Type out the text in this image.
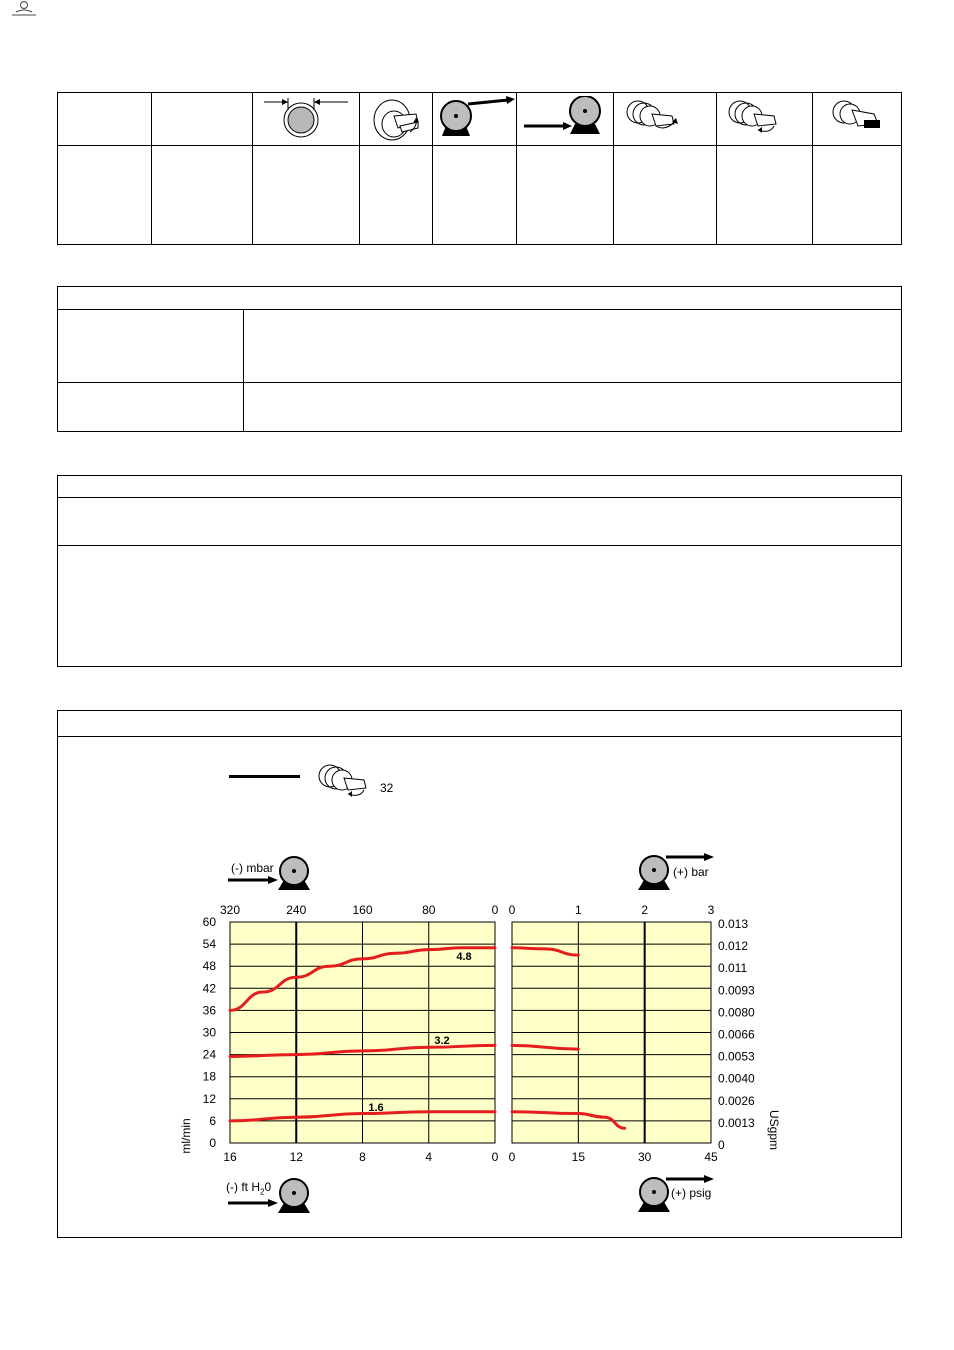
32
(-) mbar	(+) bar
(-) ft $H_20$	(+) psig
60
54
48
42
36
30
24
18
12
6
0
0.013
0.012
0.011
0.0093
0.0080
0.0066
0.0053
0.0040
0.0026
0.0013
0
320	240	160	80	0
16	12	8	4	0
0	1	2	3
0	15	30	45
ml/min	USgpm
4.8
3.2
1.6
